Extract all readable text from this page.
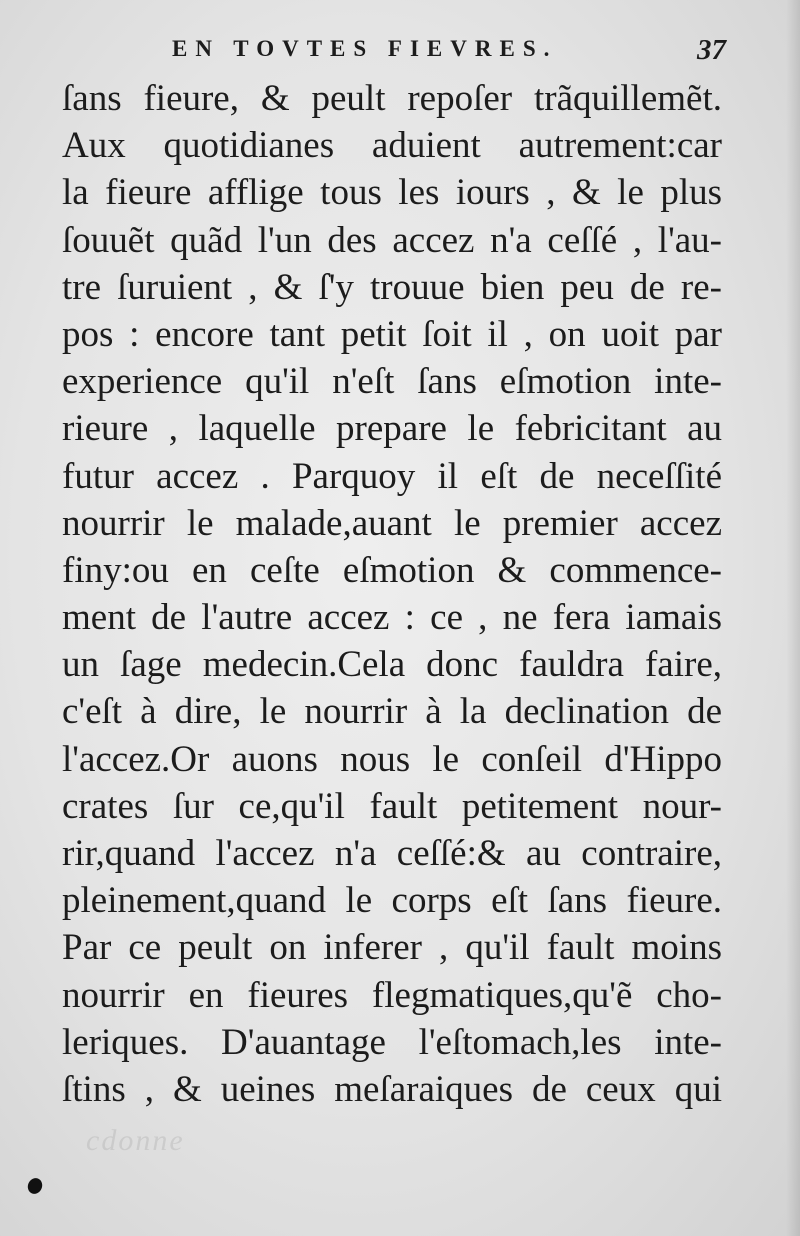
EN TOVTES FIEVRES.	37
ſans fieure, & peult repoſer trãquillemẽt.
Aux quotidianes aduient autrement:car
la fieure afflige tous les iours , & le plus
ſouuẽt quãd l'un des accez n'a ceſſé , l'au-
tre ſuruient , & ſ'y trouue bien peu de re-
pos : encore tant petit ſoit il , on uoit par
experience qu'il n'eſt ſans eſmotion inte-
rieure , laquelle prepare le febricitant au
futur accez . Parquoy il eſt de neceſſité
nourrir le malade,auant le premier accez
finy:ou en ceſte eſmotion & commence-
ment de l'autre accez : ce , ne fera iamais
un ſage medecin.Cela donc fauldra faire,
c'eſt à dire, le nourrir à la declination de
l'accez.Or auons nous le conſeil d'Hippo
crates ſur ce,qu'il fault petitement nour-
rir,quand l'accez n'a ceſſé:& au contraire,
pleinement,quand le corps eſt ſans fieure.
Par ce peult on inferer , qu'il fault moins
nourrir en fieures flegmatiques,qu'ẽ cho-
leriques. D'auantage l'eſtomach,les inte-
ſtins , & ueines meſaraiques de ceux qui
cdonne
